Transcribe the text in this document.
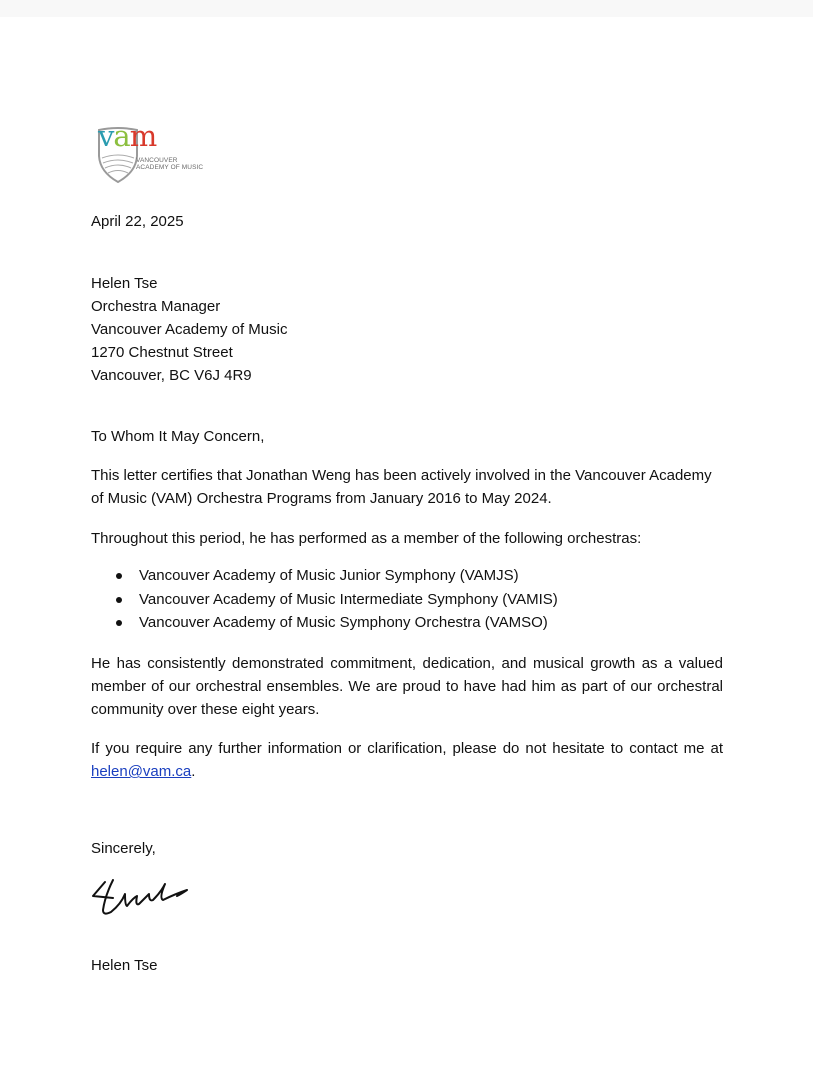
vam
VANCOUVER
ACADEMY OF MUSIC
April 22, 2025
Helen Tse
Orchestra Manager
Vancouver Academy of Music
1270 Chestnut Street
Vancouver, BC V6J 4R9
To Whom It May Concern,
This letter certifies that Jonathan Weng has been actively involved in the Vancouver Academy of Music (VAM) Orchestra Programs from January 2016 to May 2024.
Throughout this period, he has performed as a member of the following orchestras:
Vancouver Academy of Music Junior Symphony (VAMJS)
Vancouver Academy of Music Intermediate Symphony (VAMIS)
Vancouver Academy of Music Symphony Orchestra (VAMSO)
He has consistently demonstrated commitment, dedication, and musical growth as a valued member of our orchestral ensembles. We are proud to have had him as part of our orchestral community over these eight years.
If you require any further information or clarification, please do not hesitate to contact me at helen@vam.ca.
Sincerely,
Helen Tse
